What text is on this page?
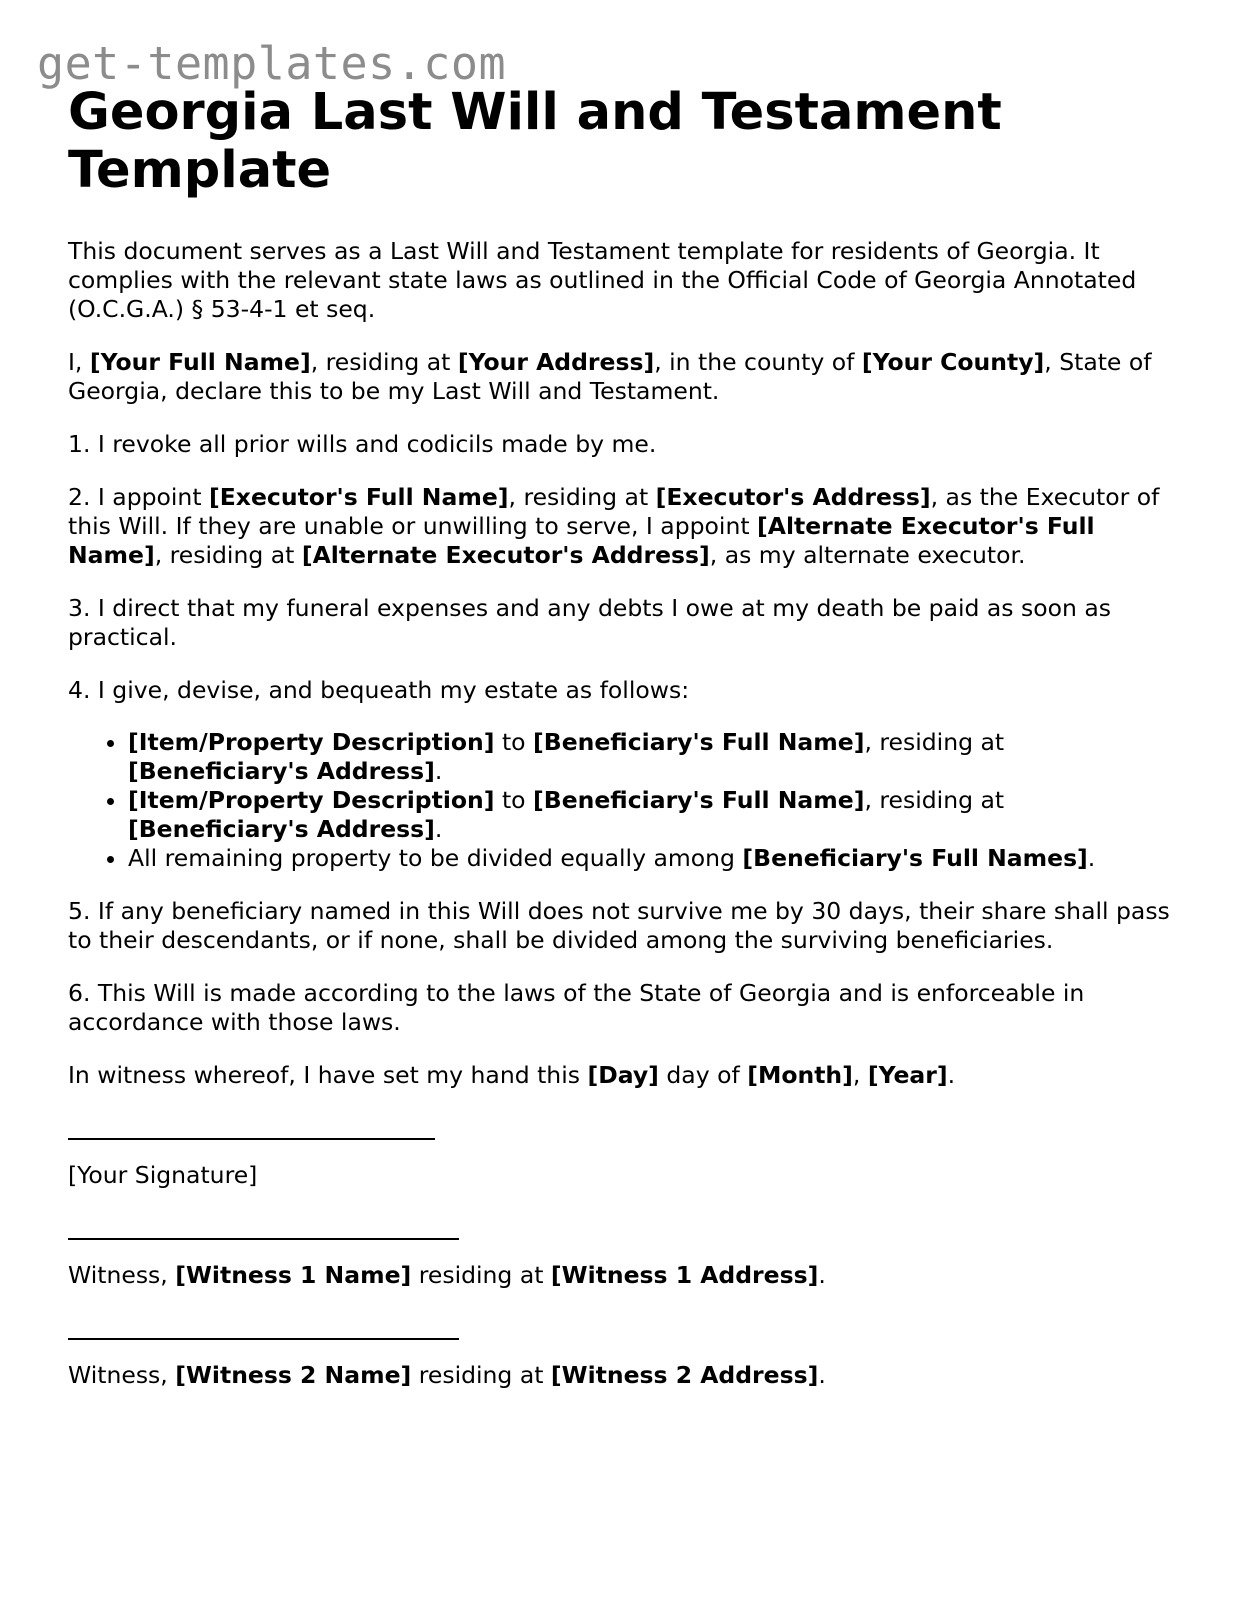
get-templates.com
Georgia Last Will and Testament Template

This document serves as a Last Will and Testament template for residents of Georgia. It complies with the relevant state laws as outlined in the Official Code of Georgia Annotated (O.C.G.A.) § 53-4-1 et seq.

I, [Your Full Name], residing at [Your Address], in the county of [Your County], State of Georgia, declare this to be my Last Will and Testament.

1. I revoke all prior wills and codicils made by me.

2. I appoint [Executor's Full Name], residing at [Executor's Address], as the Executor of this Will. If they are unable or unwilling to serve, I appoint [Alternate Executor's Full Name], residing at [Alternate Executor's Address], as my alternate executor.

3. I direct that my funeral expenses and any debts I owe at my death be paid as soon as practical.

4. I give, devise, and bequeath my estate as follows:

• [Item/Property Description] to [Beneficiary's Full Name], residing at [Beneficiary's Address].
• [Item/Property Description] to [Beneficiary's Full Name], residing at [Beneficiary's Address].
• All remaining property to be divided equally among [Beneficiary's Full Names].

5. If any beneficiary named in this Will does not survive me by 30 days, their share shall pass to their descendants, or if none, shall be divided among the surviving beneficiaries.

6. This Will is made according to the laws of the State of Georgia and is enforceable in accordance with those laws.

In witness whereof, I have set my hand this [Day] day of [Month], [Year].

[Your Signature]

Witness, [Witness 1 Name] residing at [Witness 1 Address].

Witness, [Witness 2 Name] residing at [Witness 2 Address].
